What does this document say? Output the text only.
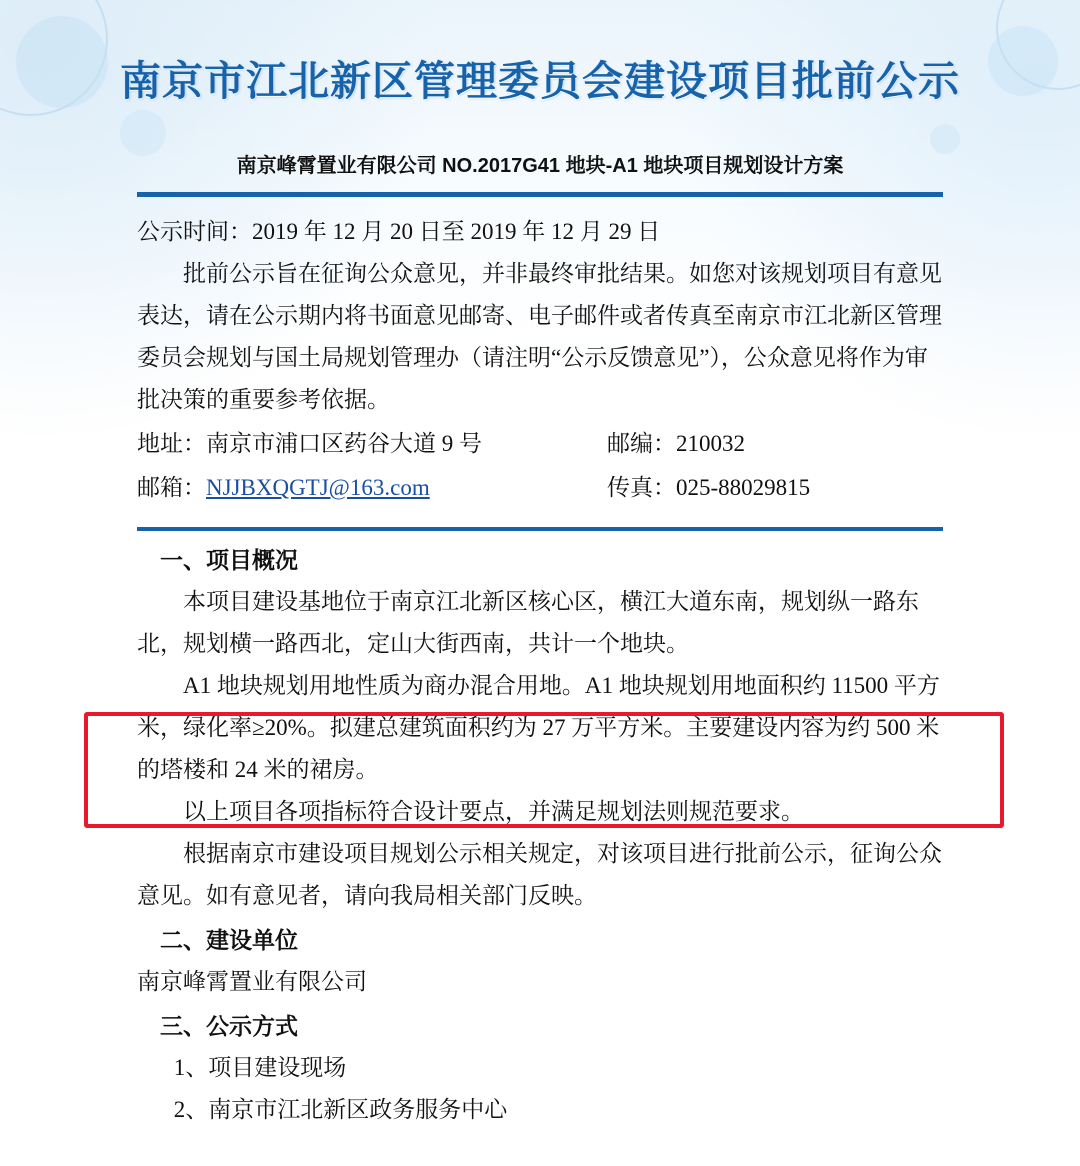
南京市江北新区管理委员会建设项目批前公示
南京峰霄置业有限公司 NO.2017G41 地块-A1 地块项目规划设计方案

公示时间：2019 年 12 月 20 日至 2019 年 12 月 29 日

批前公示旨在征询公众意见，并非最终审批结果。如您对该规划项目有意见表达，请在公示期内将书面意见邮寄、电子邮件或者传真至南京市江北新区管理委员会规划与国土局规划管理办（请注明“公示反馈意见”），公众意见将作为审批决策的重要参考依据。

地址：南京市浦口区药谷大道 9 号	邮编：210032
邮箱：NJJBXQGTJ@163.com	传真：025-88029815
一、项目概况

本项目建设基地位于南京江北新区核心区，横江大道东南，规划纵一路东北，规划横一路西北，定山大街西南，共计一个地块。

A1 地块规划用地性质为商办混合用地。A1 地块规划用地面积约 11500 平方米，绿化率≥20%。拟建总建筑面积约为 27 万平方米。主要建设内容为约 500 米的塔楼和 24 米的裙房。

以上项目各项指标符合设计要点，并满足规划法则规范要求。

根据南京市建设项目规划公示相关规定，对该项目进行批前公示，征询公众意见。如有意见者，请向我局相关部门反映。

二、建设单位

南京峰霄置业有限公司

三、公示方式

1、项目建设现场

2、南京市江北新区政务服务中心
